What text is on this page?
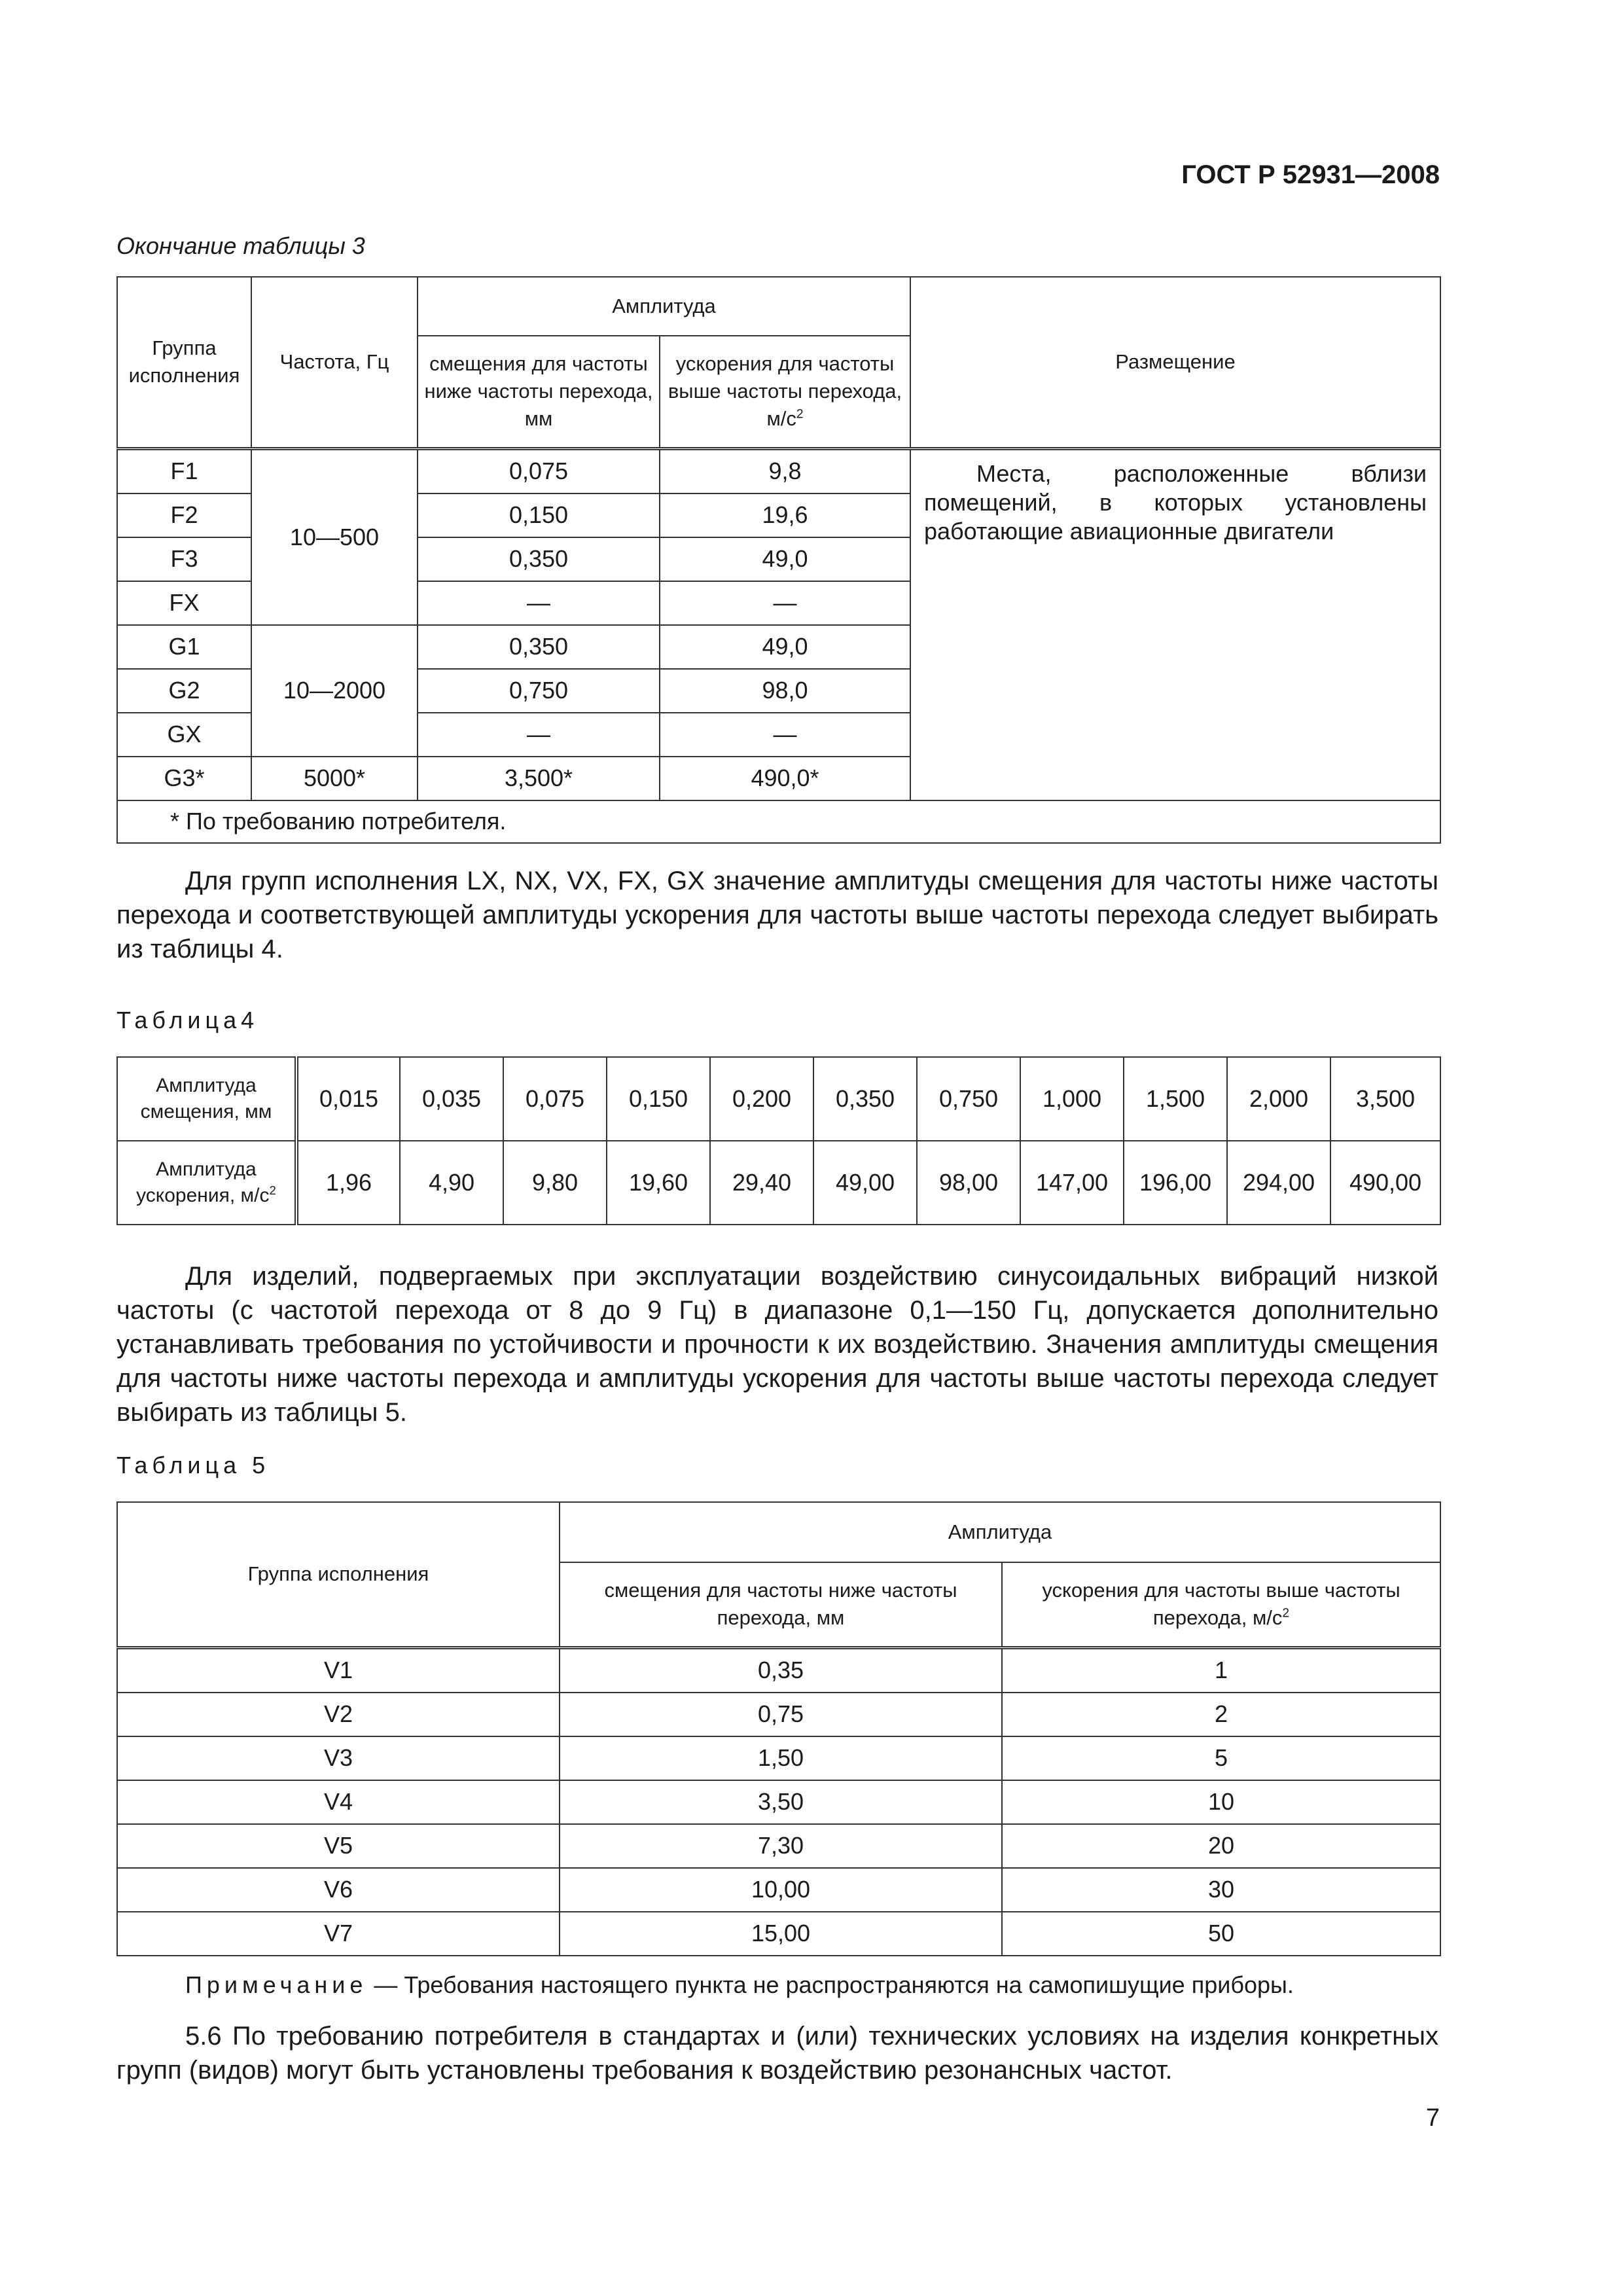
ГОСТ Р 52931—2008
Окончание таблицы 3
Группа исполнения	Частота, Гц	Амплитуда		Размещение
		смещения для частоты ниже частоты перехода, мм	ускорения для частоты выше частоты перехода, $м/с^2$
F1	10—500	0,075	9,8	Места, расположенные вблизи помещений, в которых установлены работающие авиационные двигатели

F2		0,150	19,6	
F3		0,350	49,0	
FX		—	—	
G1	10—2000	0,350	49,0	
G2		0,750	98,0	
GX		—	—	
G3*	5000*	3,500*	490,0*	
* По требованию потребителя.				

Для групп исполнения LX, NX, VX, FX, GX значение амплитуды смещения для частоты ниже частоты перехода и соответствующей амплитуды ускорения для частоты выше частоты перехода следует выбирать из таблицы 4.

Таблица4
Амплитуда смещения, мм	0,015	0,035	0,075	0,150	0,200	0,350	0,750	1,000	1,500	2,000	3,500
Амплитуда ускорения, $м/с^2$	1,96	4,90	9,80	19,60	29,40	49,00	98,00	147,00	196,00	294,00	490,00

Для изделий, подвергаемых при эксплуатации воздействию синусоидальных вибраций низкой частоты (с частотой перехода от 8 до 9 Гц) в диапазоне 0,1—150 Гц, допускается дополнительно устанавливать требования по устойчивости и прочности к их воздействию. Значения амплитуды смещения для частоты ниже частоты перехода и амплитуды ускорения для частоты выше частоты перехода следует выбирать из таблицы 5.

Таблица 5
Группа исполнения	Амплитуда	
	смещения для частоты ниже частоты перехода, мм	ускорения для частоты выше частоты перехода, $м/с^2$
V1	0,35	1
V2	0,75	2
V3	1,50	5
V4	3,50	10
V5	7,30	20
V6	10,00	30
V7	15,00	50
Примечание — Требования настоящего пункта не распространяются на самопишущие приборы.

5.6 По требованию потребителя в стандартах и (или) технических условиях на изделия конкретных групп (видов) могут быть установлены требования к воздействию резонансных частот.

7
